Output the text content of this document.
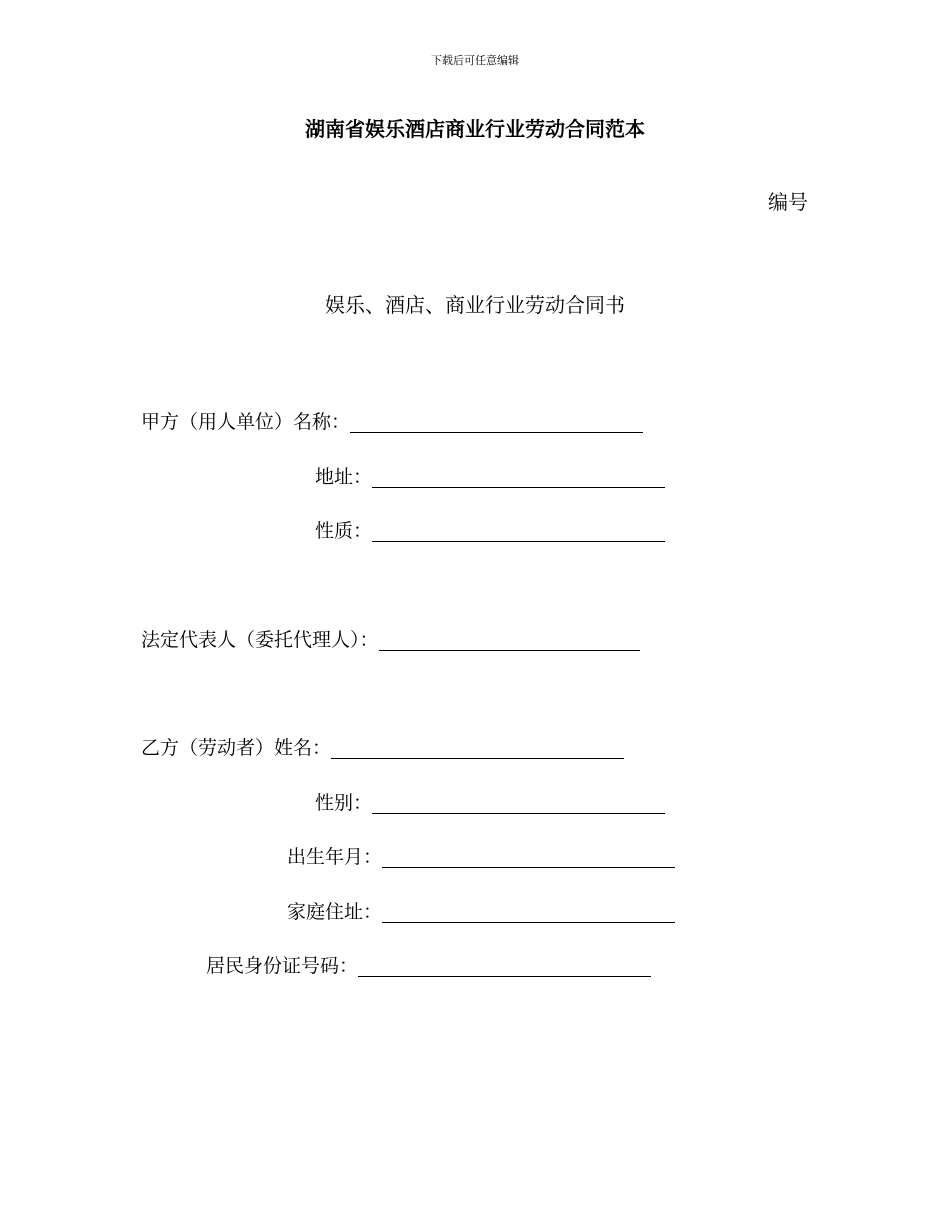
下载后可任意编辑
湖南省娱乐酒店商业行业劳动合同范本
编号
娱乐、酒店、商业行业劳动合同书
甲方（用人单位）名称：
地址：
性质：
法定代表人（委托代理人）：
乙方（劳动者）姓名：
性别：
出生年月：
家庭住址：
居民身份证号码：
